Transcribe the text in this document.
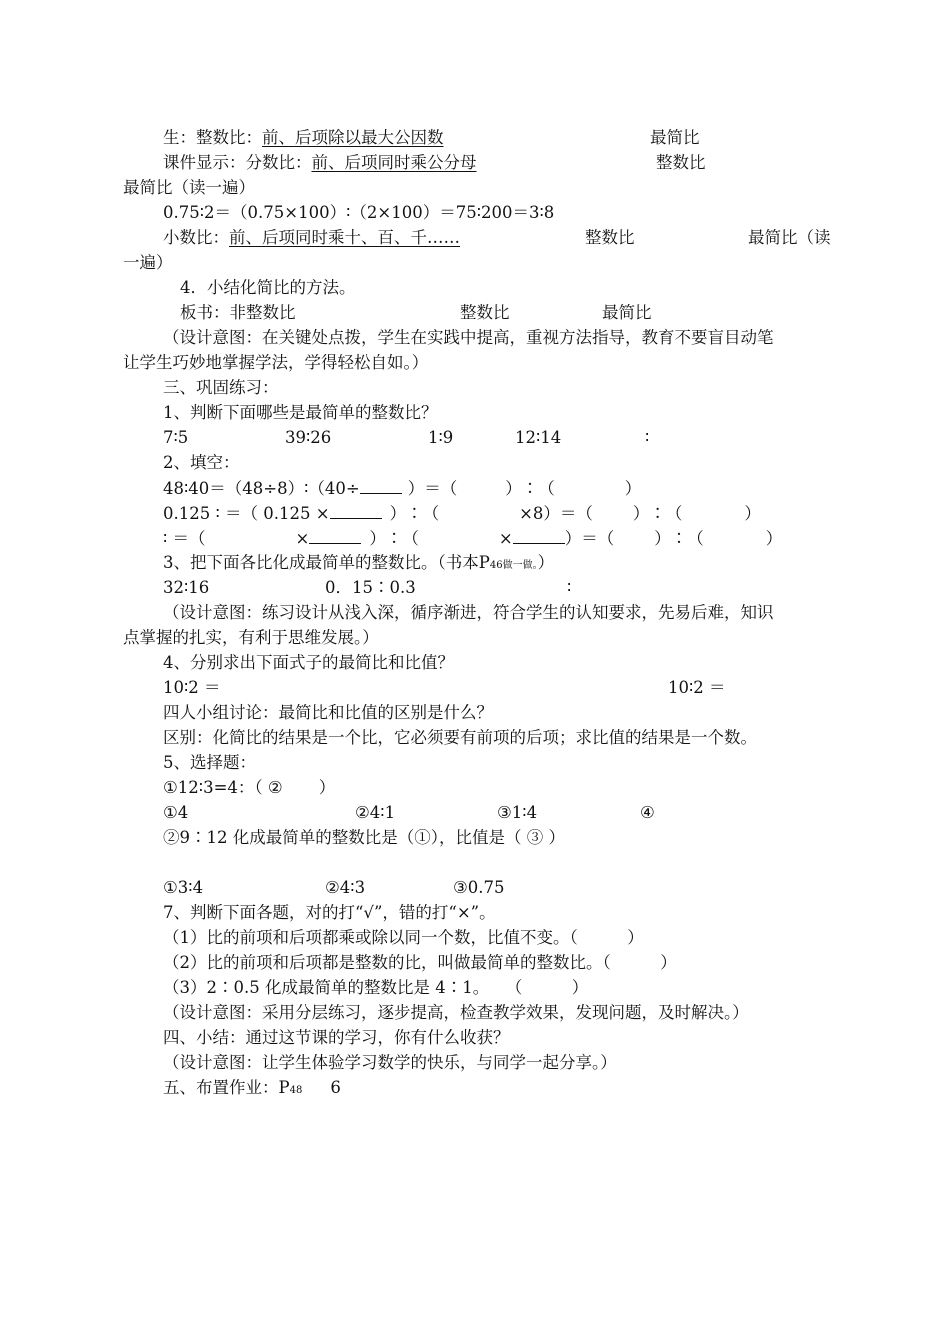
生：整数比：前、后项除以最大公因数	最简比
课件显示：分数比：前、后项同时乘公分母	整数比
最简比（读一遍）
0.75∶2＝（0.75×100）∶（2×100）＝75∶200＝3∶8
小数比：前、后项同时乘十、百、千……	整数比	最简比（读
一遍）
4．小结化简比的方法。
板书：非整数比	整数比	最简比
（设计意图：在关键处点拨，学生在实践中提高，重视方法指导，教育不要盲目动笔
让学生巧妙地掌握学法，学得轻松自如。）
三、巩固练习：
1、判断下面哪些是最简单的整数比？
7∶5	39∶26	1∶9	12∶14	∶
2、填空：
48∶40＝（48÷8）∶（40÷	）＝（	）∶（	）
0.125 ∶ ＝（ 0.125 ×	）∶（	×8）＝（ ）∶（	）
∶ ＝（	×	）∶（	×	）＝（ ）∶（	）
3、把下面各比化成最简单的整数比。（书本P46做一做。）
32∶16	0．15∶0.3	∶
（设计意图：练习设计从浅入深，循序渐进，符合学生的认知要求，先易后难，知识
点掌握的扎实，有利于思维发展。）
4、分别求出下面式子的最简比和比值？
10∶2 ＝	10∶2 ＝
四人小组讨论：最简比和比值的区别是什么？
区别：化简比的结果是一个比，它必须要有前项的后项；求比值的结果是一个数。
5、选择题：
①12∶3=4：（ ② ）
①4	②4∶1	③1∶4	④
②9∶12 化成最简单的整数比是（①），比值是（ ③ ）
①3∶4	②4∶3	③0.75
7、判断下面各题，对的打“√”，错的打“×”。
（1）比的前项和后项都乘或除以同一个数，比值不变。（　　　）
（2）比的前项和后项都是整数的比，叫做最简单的整数比。（　　　）
（3）2∶0.5 化成最简单的整数比是 4∶1。　　（　　　）
（设计意图：采用分层练习，逐步提高，检查教学效果，发现问题，及时解决。）
四、小结：通过这节课的学习，你有什么收获？
（设计意图：让学生体验学习数学的快乐，与同学一起分享。）
五、布置作业：P48 6
